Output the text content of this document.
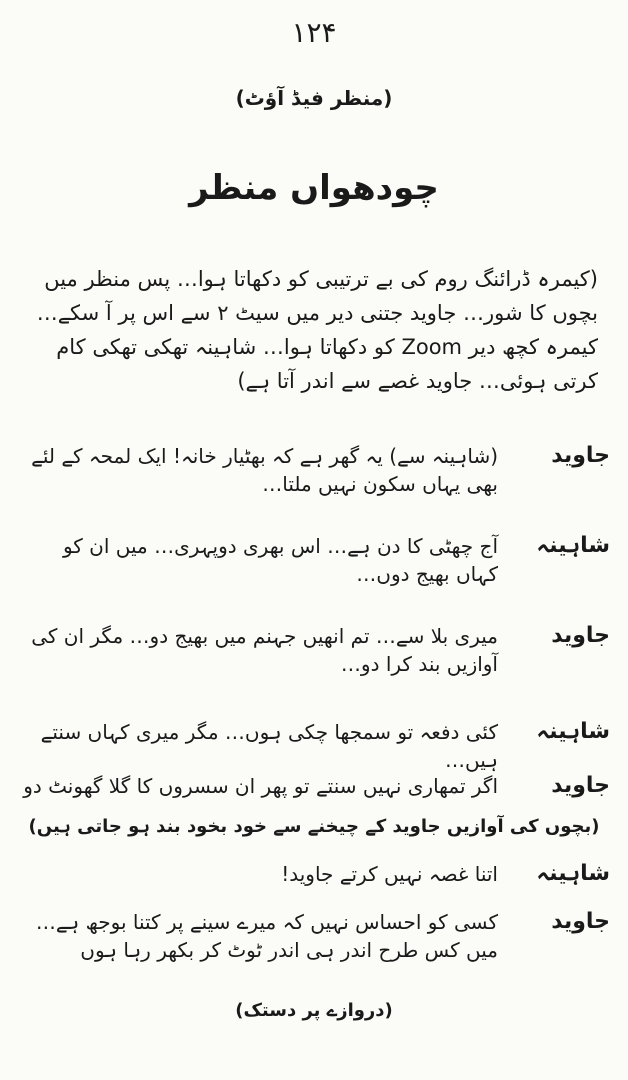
۱۲۴
(منظر فیڈ آؤٹ)
چودھواں منظر
(کیمرہ ڈرائنگ روم کی بے ترتیبی کو دکھاتا ہوا… پس منظر میں بچوں کا شور… جاوید جتنی دیر میں سیٹ ۲ سے اس پر آ سکے… کیمرہ کچھ دیر Zoom کو دکھاتا ہوا… شاہینہ تھکی تھکی کام کرتی ہوئی… جاوید غصے سے اندر آتا ہے)
جاوید
(شاہینہ سے) یہ گھر ہے کہ بھٹیار خانہ! ایک لمحہ کے لئے بھی یہاں سکون نہیں ملتا…
شاہینہ
آج چھٹی کا دن ہے… اس بھری دوپہری… میں ان کو کہاں بھیج دوں…
جاوید
میری بلا سے… تم انھیں جہنم میں بھیج دو… مگر ان کی آوازیں بند کرا دو…
شاہینہ
کئی دفعہ تو سمجھا چکی ہوں… مگر میری کہاں سنتے ہیں…
جاوید
اگر تمھاری نہیں سنتے تو پھر ان سسروں کا گلا گھونٹ دو
(بچوں کی آوازیں جاوید کے چیخنے سے خود بخود بند ہو جاتی ہیں)
شاہینہ
اتنا غصہ نہیں کرتے جاوید!
جاوید
کسی کو احساس نہیں کہ میرے سینے پر کتنا بوجھ ہے… میں کس طرح اندر ہی اندر ٹوٹ کر بکھر رہا ہوں
(دروازے پر دستک)
